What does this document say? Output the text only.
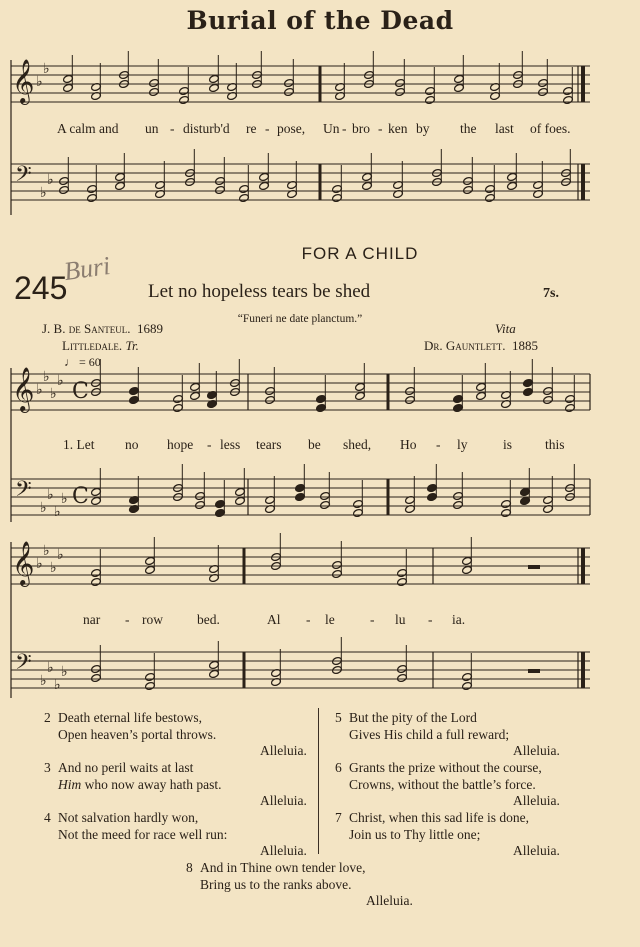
Burial of the Dead
𝄞
𝄢
♭
♭
♭
♭
𝄞
𝄢
♭
♭
♭
♭
♭
♭
♭
♭
C
C
𝄞
𝄢
♭
♭
♭
♭
♭
♭
♭
♭
A calm and un - disturb'd re - pose, Un - bro - ken by the last of foes.
FOR A CHILD
245
Buri
Let no hopeless tears be shed	7s.
“Funeri ne date planctum.”
J. B. de Santeul. 1689
Littledale. Tr.
Vita
Dr. Gauntlett. 1885
♩ = 60
1. Let no hope - less tears be shed, Ho - ly	is this
nar - row	bed.	Al - le	- lu - ia.
2 Death eternal life bestows,
Open heaven’s portal throws.
Alleluia.
3 And no peril waits at last
Him who now away hath past.
Alleluia.
4 Not salvation hardly won,
Not the meed for race well run:
Alleluia.
5 But the pity of the Lord
Gives His child a full reward;
Alleluia.
6 Grants the prize without the course,
Crowns, without the battle’s force.
Alleluia.
7 Christ, when this sad life is done,
Join us to Thy little one;
Alleluia.
8 And in Thine own tender love,
Bring us to the ranks above.
Alleluia.
